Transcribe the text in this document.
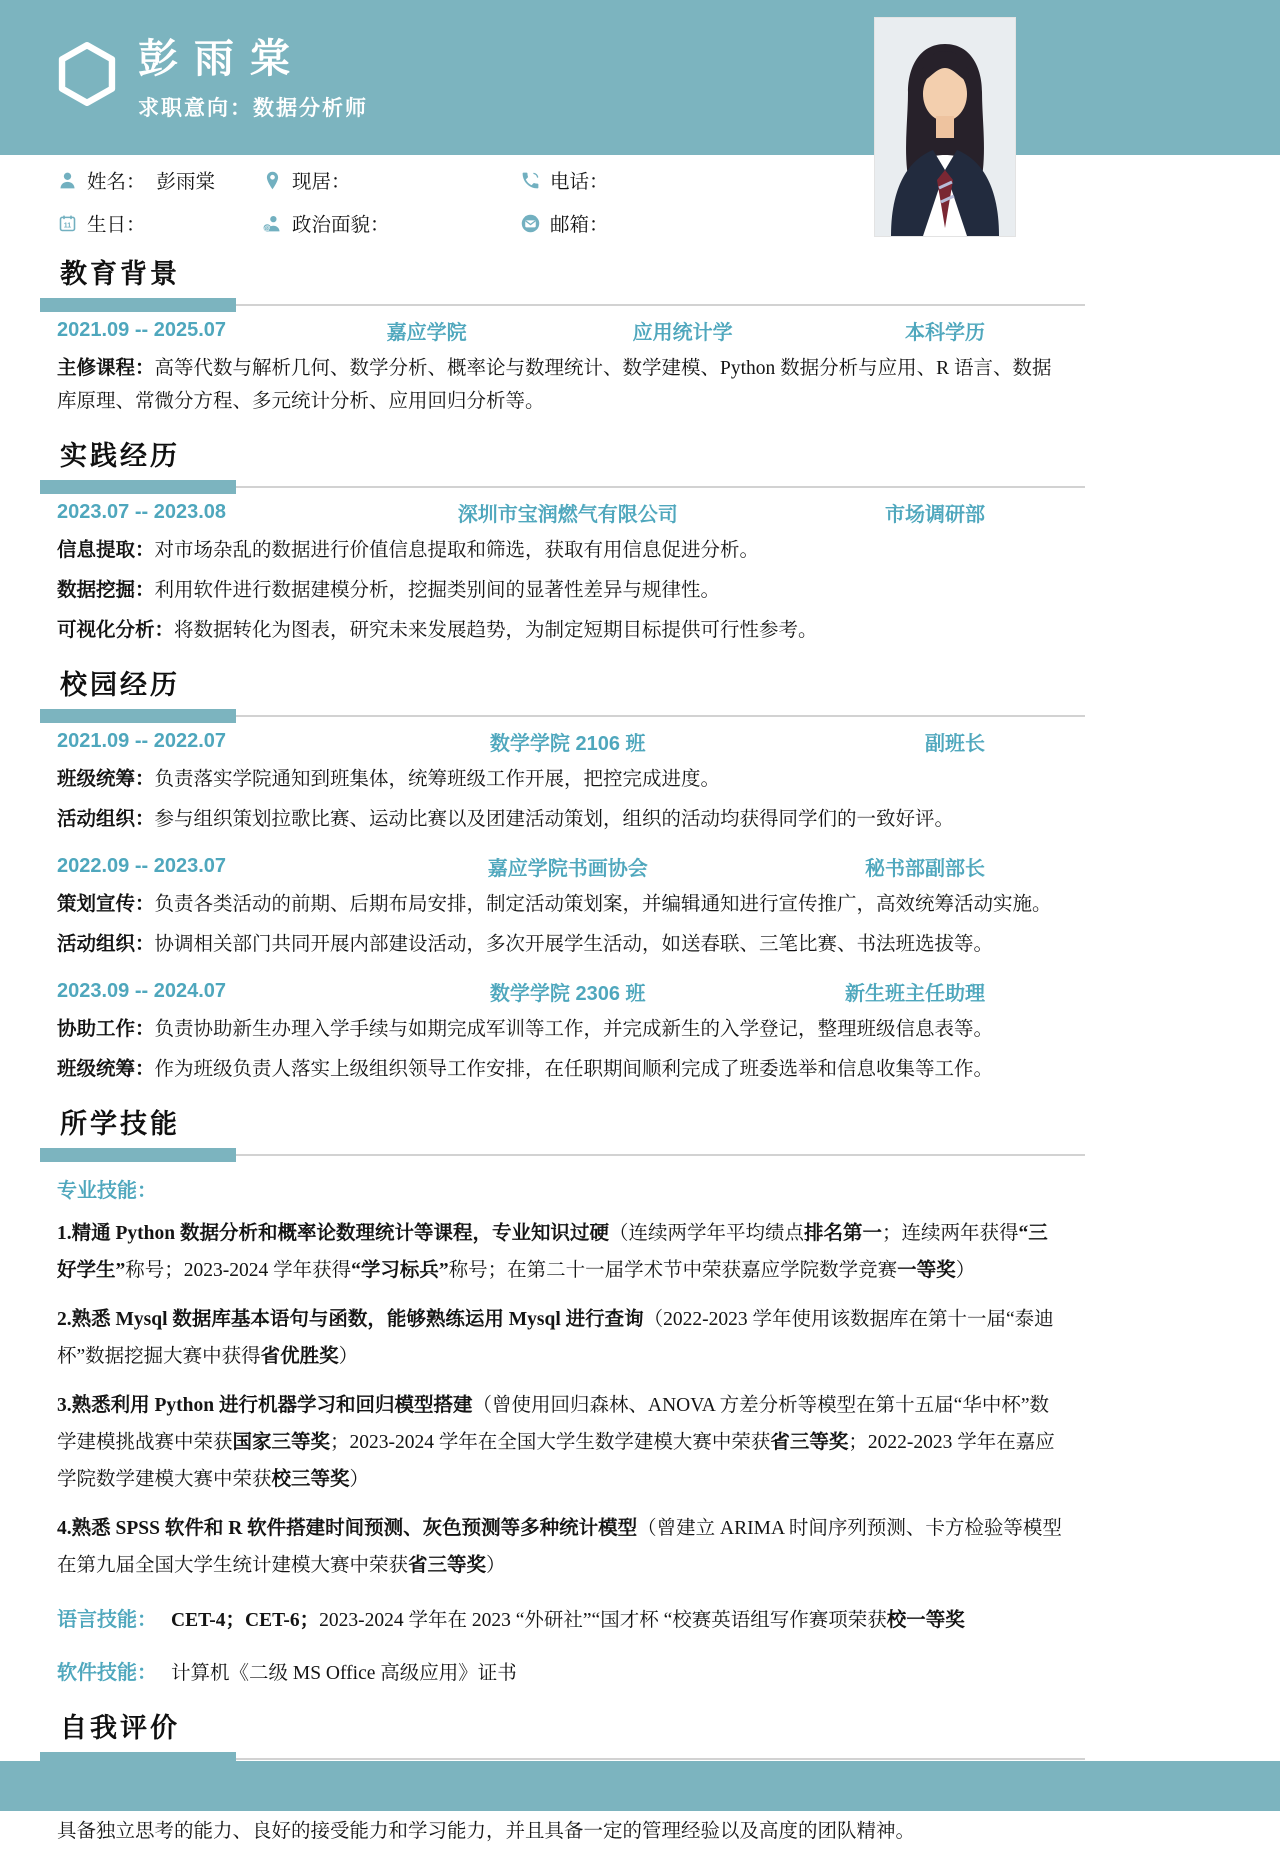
彭雨棠
求职意向：数据分析师
姓名： 彭雨棠	现居：	电话：
11 生日：	@ 政治面貌：	邮箱：
教育背景
2021.09 -- 2025.07	嘉应学院	应用统计学	本科学历

主修课程：高等代数与解析几何、数学分析、概率论与数理统计、数学建模、Python 数据分析与应用、R 语言、数据库原理、常微分方程、多元统计分析、应用回归分析等。

实践经历
2023.07 -- 2023.08	深圳市宝润燃气有限公司	市场调研部

信息提取：对市场杂乱的数据进行价值信息提取和筛选，获取有用信息促进分析。

数据挖掘：利用软件进行数据建模分析，挖掘类别间的显著性差异与规律性。

可视化分析：将数据转化为图表，研究未来发展趋势，为制定短期目标提供可行性参考。

校园经历
2021.09 -- 2022.07	数学学院 2106 班	副班长

班级统筹：负责落实学院通知到班集体，统筹班级工作开展，把控完成进度。

活动组织：参与组织策划拉歌比赛、运动比赛以及团建活动策划，组织的活动均获得同学们的一致好评。

2022.09 -- 2023.07	嘉应学院书画协会	秘书部副部长

策划宣传：负责各类活动的前期、后期布局安排，制定活动策划案，并编辑通知进行宣传推广，高效统筹活动实施。

活动组织：协调相关部门共同开展内部建设活动，多次开展学生活动，如送春联、三笔比赛、书法班选拔等。

2023.09 -- 2024.07	数学学院 2306 班	新生班主任助理

协助工作：负责协助新生办理入学手续与如期完成军训等工作，并完成新生的入学登记，整理班级信息表等。

班级统筹：作为班级负责人落实上级组织领导工作安排，在任职期间顺利完成了班委选举和信息收集等工作。

所学技能
专业技能：

1.精通 Python 数据分析和概率论数理统计等课程，专业知识过硬（连续两学年平均绩点排名第一；连续两年获得“三好学生”称号；2023-2024 学年获得“学习标兵”称号；在第二十一届学术节中荣获嘉应学院数学竞赛一等奖）

2.熟悉 Mysql 数据库基本语句与函数，能够熟练运用 Mysql 进行查询（2022-2023 学年使用该数据库在第十一届“泰迪杯”数据挖掘大赛中获得省优胜奖）

3.熟悉利用 Python 进行机器学习和回归模型搭建（曾使用回归森林、ANOVA 方差分析等模型在第十五届“华中杯”数学建模挑战赛中荣获国家三等奖；2023-2024 学年在全国大学生数学建模大赛中荣获省三等奖；2022-2023 学年在嘉应学院数学建模大赛中荣获校三等奖）

4.熟悉 SPSS 软件和 R 软件搭建时间预测、灰色预测等多种统计模型（曾建立 ARIMA 时间序列预测、卡方检验等模型在第九届全国大学生统计建模大赛中荣获省三等奖）

语言技能： CET-4；CET-6；2023-2024 学年在 2023 “外研社”“国才杯 “校赛英语组写作赛项荣获校一等奖

软件技能： 计算机《二级 MS Office 高级应用》证书

自我评价

具备独立思考的能力、良好的接受能力和学习能力，并且具备一定的管理经验以及高度的团队精神。
